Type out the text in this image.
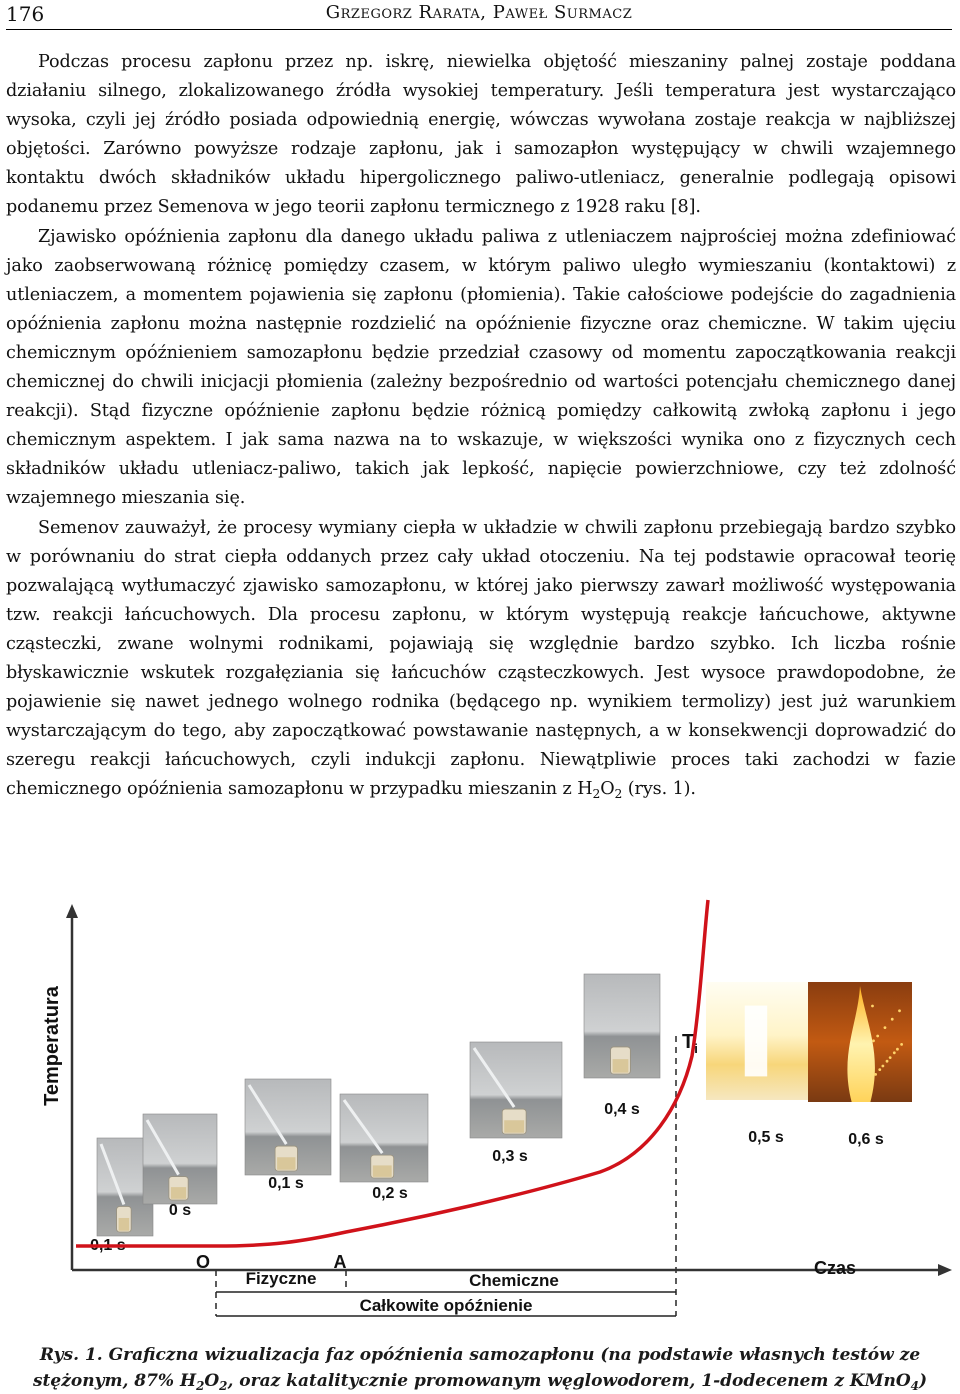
176	Grzegorz Rarata, Paweł Surmacz

Podczas procesu zapłonu przez np. iskrę, niewielka objętość mieszaniny palnej zostaje poddana działaniu silnego, zlokalizowanego źródła wysokiej temperatury. Jeśli temperatura jest wystarczająco wysoka, czyli jej źródło posiada odpowiednią energię, wówczas wywołana zostaje reakcja w najbliższej objętości. Zarówno powyższe rodzaje zapłonu, jak i samozapłon występujący w chwili wzajemnego kontaktu dwóch składników układu hipergolicznego paliwo-utleniacz, generalnie podlegają opisowi podanemu przez Semenova w jego teorii zapłonu termicznego z 1928 raku [8].

Zjawisko opóźnienia zapłonu dla danego układu paliwa z utleniaczem najprościej można zdefiniować jako zaobserwowaną różnicę pomiędzy czasem, w którym paliwo uległo wymieszaniu (kontaktowi) z utleniaczem, a momentem pojawienia się zapłonu (płomienia). Takie całościowe podejście do zagadnienia opóźnienia zapłonu można następnie rozdzielić na opóźnienie fizyczne oraz chemiczne. W takim ujęciu chemicznym opóźnieniem samozapłonu będzie przedział czasowy od momentu zapoczątkowania reakcji chemicznej do chwili inicjacji płomienia (zależny bezpośrednio od wartości potencjału chemicznego danej reakcji). Stąd fizyczne opóźnienie zapłonu będzie różnicą pomiędzy całkowitą zwłoką zapłonu i jego chemicznym aspektem. I jak sama nazwa na to wskazuje, w większości wynika ono z fizycznych cech składników układu utleniacz-paliwo, takich jak lepkość, napięcie powierzchniowe, czy też zdolność wzajemnego mieszania się.

Semenov zauważył, że procesy wymiany ciepła w układzie w chwili zapłonu przebiegają bardzo szybko w porównaniu do strat ciepła oddanych przez cały układ otoczeniu. Na tej podstawie opracował teorię pozwalającą wytłumaczyć zjawisko samozapłonu, w której jako pierwszy zawarł możliwość występowania tzw. reakcji łańcuchowych. Dla procesu zapłonu, w którym występują reakcje łańcuchowe, aktywne cząsteczki, zwane wolnymi rodnikami, pojawiają się względnie bardzo szybko. Ich liczba rośnie błyskawicznie wskutek rozgałęziania się łańcuchów cząsteczkowych. Jest wysoce prawdopodobne, że pojawienie się nawet jednego wolnego rodnika (będącego np. wynikiem termolizy) jest już warunkiem wystarczającym do tego, aby zapoczątkować powstawanie następnych, a w konsekwencji doprowadzić do szeregu reakcji łańcuchowych, czyli indukcji zapłonu. Niewątpliwie proces taki zachodzi w fazie chemicznego opóźnienia samozapłonu w przypadku mieszanin z $H_2O_2$ (rys. 1).

Temperatura
Czas
O	A
$T_i$
Fizyczne	Chemiczne
Całkowite opóźnienie
- 0,1 s
0 s
0,1 s
0,2 s
0,3 s
0,4 s
0,5 s	0,6 s
Rys. 1. Graficzna wizualizacja faz opóźnienia samozapłonu (na podstawie własnych testów ze stężonym, 87% $H_2O_2$, oraz katalitycznie promowanym węglowodorem, 1-dodecenem z KMnO$_4$)
